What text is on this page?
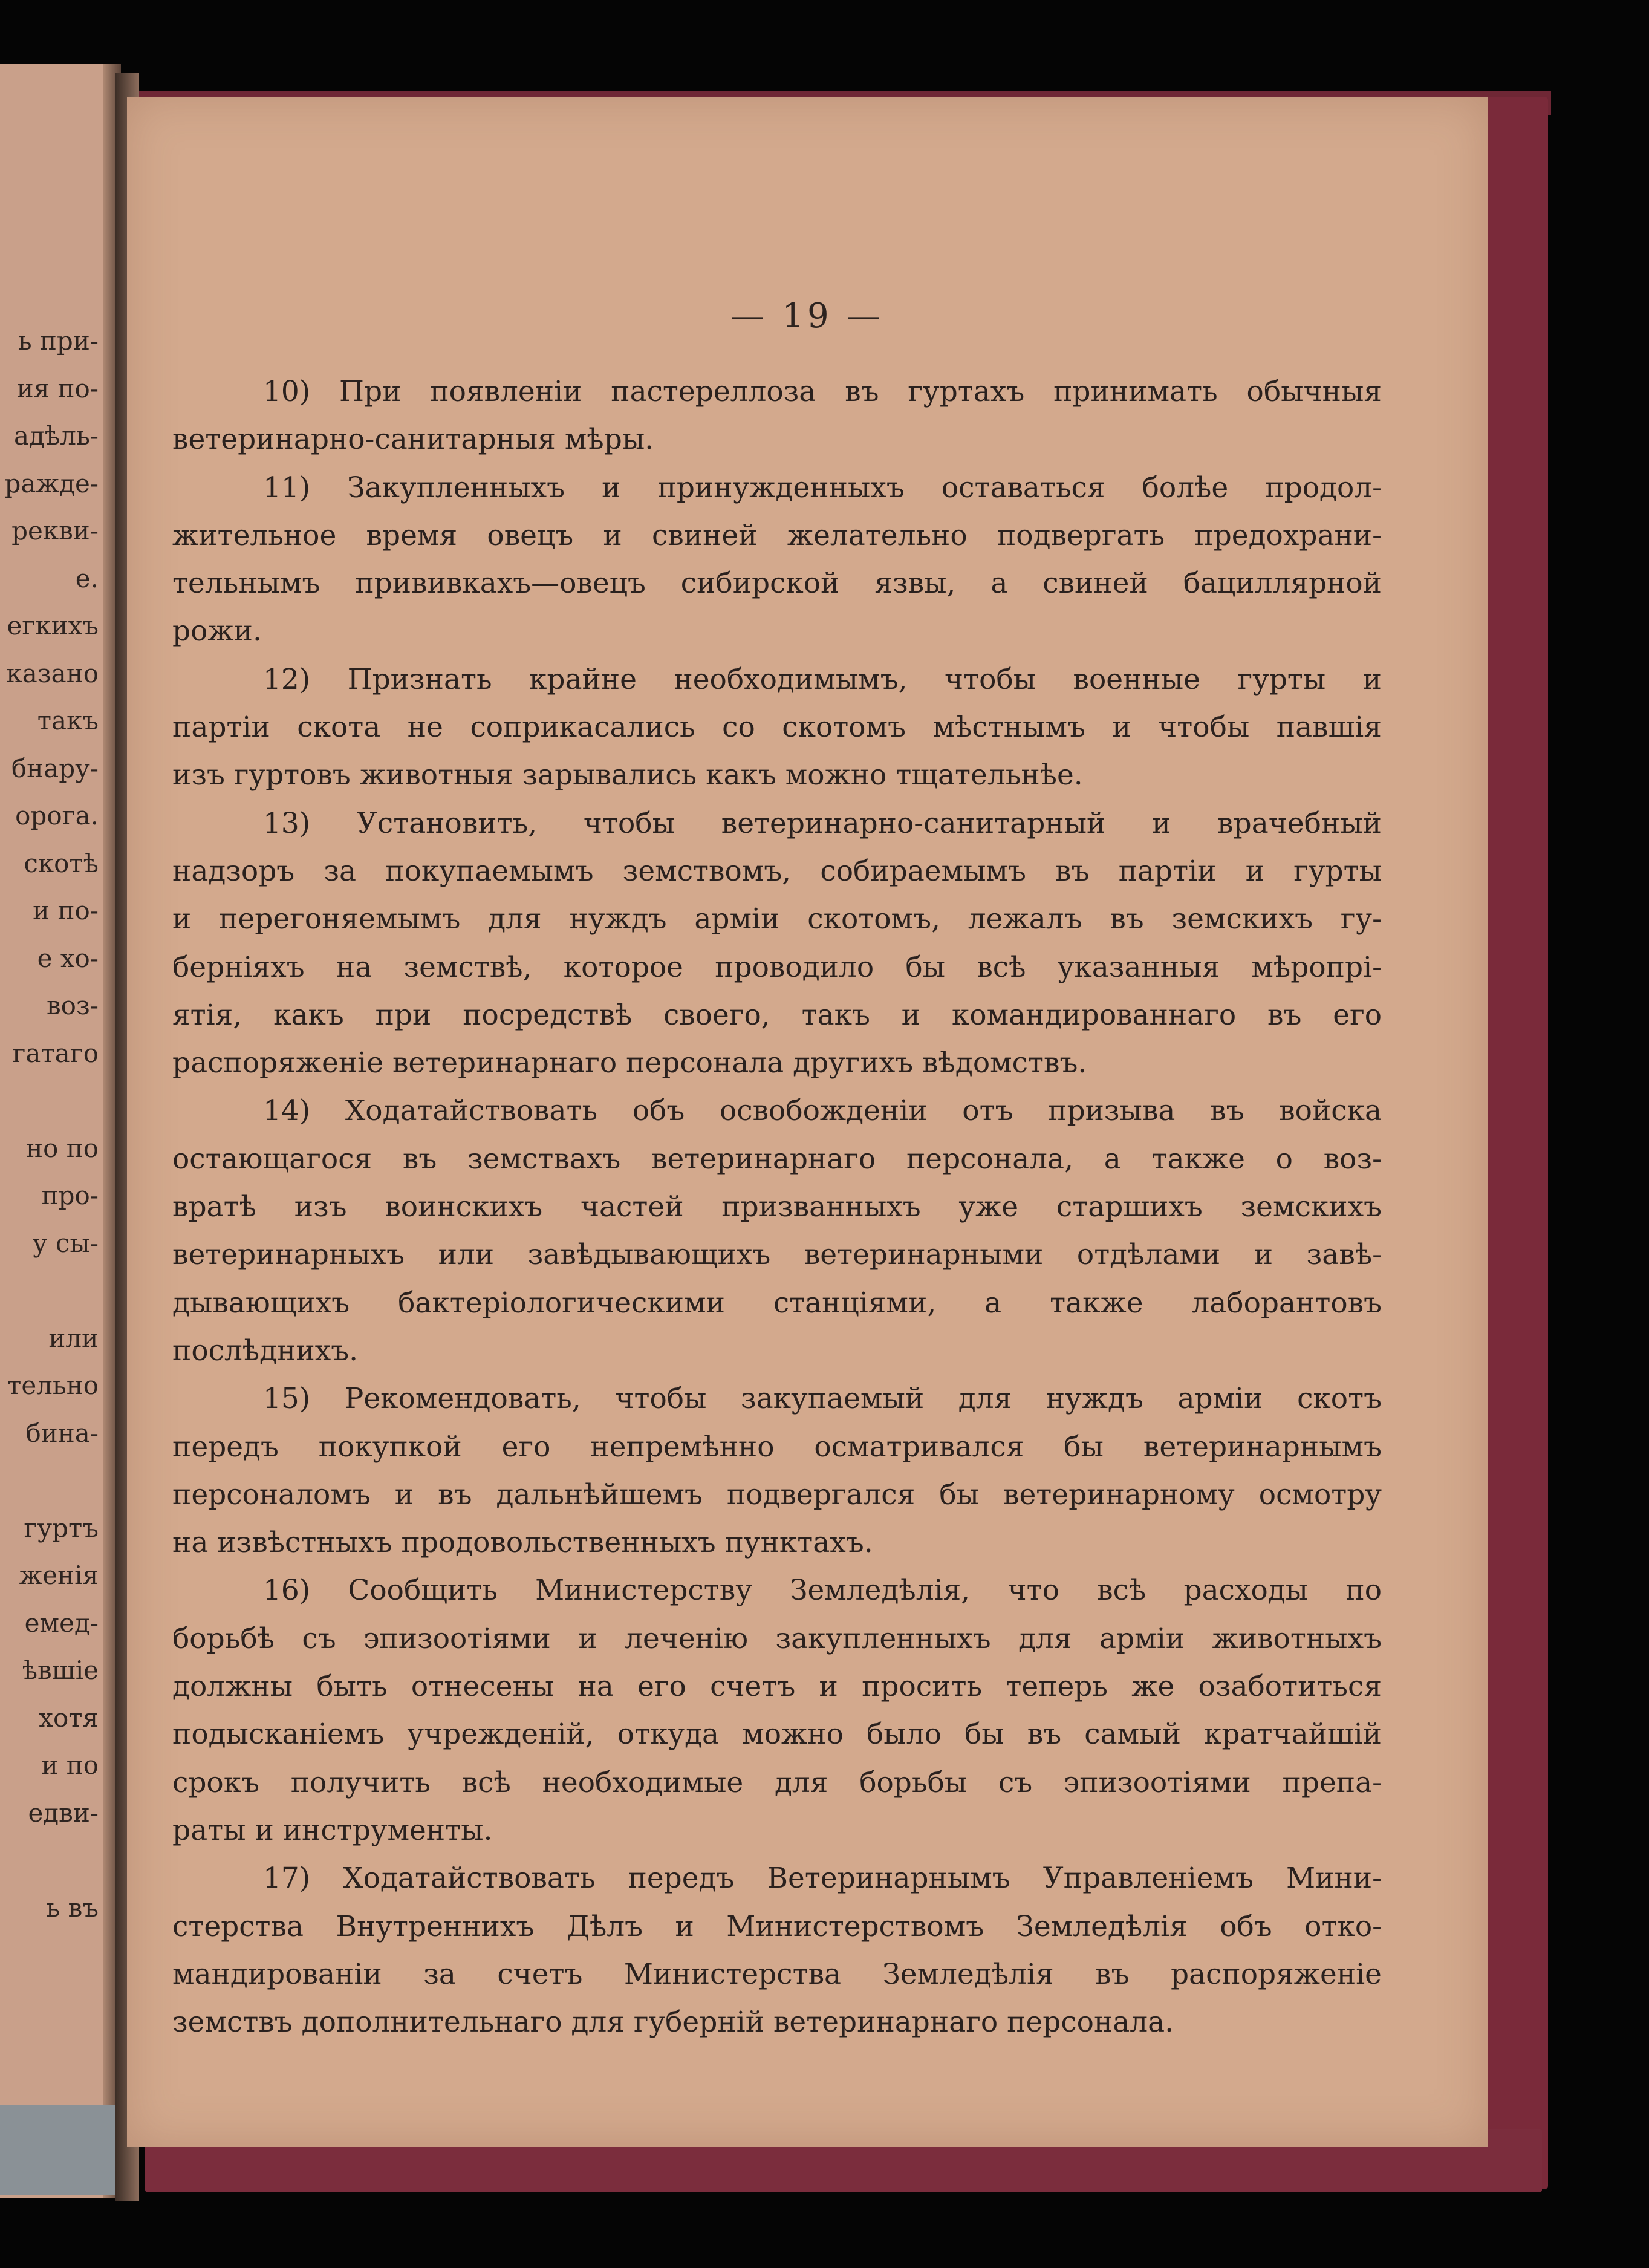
ь при-
ия по-
адѣль-
ражде-
рекви-
е.
егкихъ
казано
такъ
бнару-
орога.
скотѣ
и по-
е хо-
воз-
гатаго
но по
про-
у сы-
или
тельно
бина-
гуртъ
женія
емед-
ѣвшіе
хотя
и по
едви-
ь въ
— 19 —
10) При появленіи пастереллоза въ гуртахъ принимать обычныя
ветеринарно-санитарныя мѣры.
11) Закупленныхъ и принужденныхъ оставаться болѣе продол-
жительное время овецъ и свиней желательно подвергать предохрани-
тельнымъ прививкахъ—овецъ сибирской язвы, а свиней бациллярной
рожи.
12) Признать крайне необходимымъ, чтобы военные гурты и
партіи скота не соприкасались со скотомъ мѣстнымъ и чтобы павшія
изъ гуртовъ животныя зарывались какъ можно тщательнѣе.
13) Установить, чтобы ветеринарно-санитарный и врачебный
надзоръ за покупаемымъ земствомъ, собираемымъ въ партіи и гурты
и перегоняемымъ для нуждъ арміи скотомъ, лежалъ въ земскихъ гу-
берніяхъ на земствѣ, которое проводило бы всѣ указанныя мѣропрі-
ятія, какъ при посредствѣ своего, такъ и командированнаго въ его
распоряженіе ветеринарнаго персонала другихъ вѣдомствъ.
14) Ходатайствовать объ освобожденіи отъ призыва въ войска
остающагося въ земствахъ ветеринарнаго персонала, а также о воз-
вратѣ изъ воинскихъ частей призванныхъ уже старшихъ земскихъ
ветеринарныхъ или завѣдывающихъ ветеринарными отдѣлами и завѣ-
дывающихъ бактеріологическими станціями, а также лаборантовъ
послѣднихъ.
15) Рекомендовать, чтобы закупаемый для нуждъ арміи скотъ
передъ покупкой его непремѣнно осматривался бы ветеринарнымъ
персоналомъ и въ дальнѣйшемъ подвергался бы ветеринарному осмотру
на извѣстныхъ продовольственныхъ пунктахъ.
16) Сообщить Министерству Земледѣлія, что всѣ расходы по
борьбѣ съ эпизоотіями и леченію закупленныхъ для арміи животныхъ
должны быть отнесены на его счетъ и просить теперь же озаботиться
подысканіемъ учрежденій, откуда можно было бы въ самый кратчайшій
срокъ получить всѣ необходимые для борьбы съ эпизоотіями препа-
раты и инструменты.
17) Ходатайствовать передъ Ветеринарнымъ Управленіемъ Мини-
стерства Внутреннихъ Дѣлъ и Министерствомъ Земледѣлія объ отко-
мандированіи за счетъ Министерства Земледѣлія въ распоряженіе
земствъ дополнительнаго для губерній ветеринарнаго персонала.
